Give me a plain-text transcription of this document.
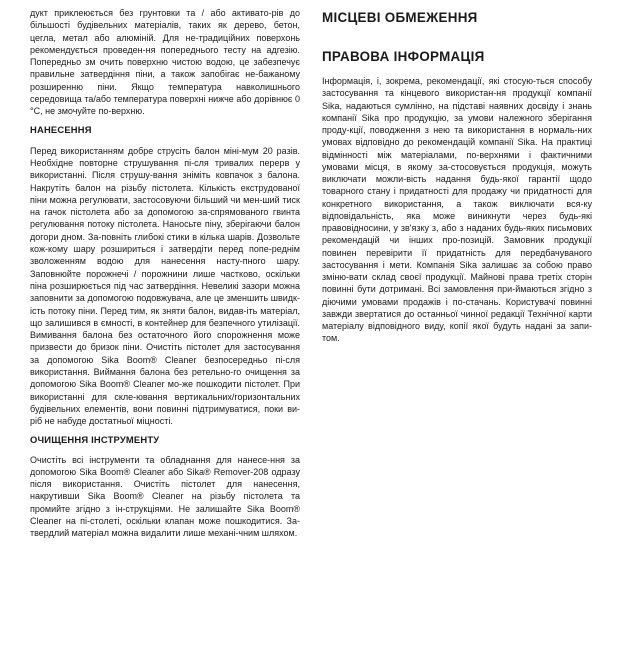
дукт приклеюється без грунтовки та / або активато-рів до більшості будівельних матеріалів, таких як дерево, бетон, цегла, метал або алюміній. Для не-традиційних поверхонь рекомендується проведен-ня попереднього тесту на адгезію. Попередньо зм очить поверхню чистою водою, це забезпечує правильне затвердіння піни, а також запобігає не-бажаному розширенню піни. Якщо температура навколишнього середовища та/або температура поверхні нижче або дорівнює 0 °C, не змочуйте по-верхню.

НАНЕСЕННЯ

Перед використанням добре струсіть балон міні-мум 20 разів. Необхідне повторне струшування пі-сля тривалих перерв у використанні. Після струшу-вання зніміть ковпачок з балона. Накрутіть балон на різьбу пістолета. Кількість екструдованої піни можна регулювати, застосовуючи більший чи мен-ший тиск на гачок пістолета або за допомогою за-спрямованого гвинта регулювання потоку пістолета. Наносьте піну, зберігаючи балон догори дном. За-повніть глибокі стики в кілька шарів. Дозвольте кож-кому шару розшириться і затвердіти перед попе-реднім зволоженням водою для нанесення насту-пного шару. Заповнюйте порожнечі / порожнини лише частково, оскільки піна розширюється під час затвердіння. Невеликі зазори можна заповнити за допомогою подовжувача, але це зменшить швидк-ість потоку піни. Перед тим, як зняти балон, видав-іть матеріал, що залишився в ємності, в контейнер для безпечного утилізації. Вимивання балона без остаточного його спорожнення може призвести до бризок піни. Очистіть пістолет для застосування за допомогою Sika Boom® Cleaner безпосередньо пі-сля використання. Виймання балона без ретельно-го очищення за допомогою Sika Boom® Cleaner мо-же пошкодити пістолет. При використанні для скле-ювання вертикальних/горизонтальних будівельних елементів, вони повинні підтримуватися, поки ви-ріб не набуде достатньої міцності.

ОЧИЩЕННЯ ІНСТРУМЕНТУ

Очистіть всі інструменти та обладнання для нанесе-ння за допомогою Sika Boom® Cleaner або Sika® Remover-208 одразу після використання. Очистіть пістолет для нанесення, накрутивши Sika Boom® Cleaner на різьбу пістолета та промийте згідно з ін-струкціями. Не залишайте Sika Boom® Cleaner на пі-столеті, оскільки клапан може пошкодитися. За-твердлий матеріал можна видалити лише механі-чним шляхом.

МІСЦЕВІ ОБМЕЖЕННЯ
ПРАВОВА ІНФОРМАЦІЯ

Інформація, і, зокрема, рекомендації, які стосую-ться способу застосування та кінцевого використан-ня продукції компанії Sika, надаються сумлінно, на підставі наявних досвіду і знань компанії Sika про продукцію, за умови належного зберігання проду-кції, поводження з нею та використання в нормаль-них умовах відповідно до рекомендацій компанії Sika. На практиці відмінності між матеріалами, по-верхнями і фактичними умовами місця, в якому за-стосовується продукція, можуть виключати можли-вість надання будь-якої гарантії щодо товарного стану і придатності для продажу чи придатності для конкретного використання, а також виключати вся-ку відповідальність, яка може виникнути через будь-які правовідносини, у зв'язку з, або з наданих будь-яких письмових рекомендацій чи інших про-позицій. Замовник продукції повинен перевірити її придатність для передбачуваного застосування і мети. Компанія Sika залишає за собою право зміню-вати склад своєї продукції. Майнові права третіх сторін повинні бути дотримані. Всі замовлення при-ймаються згідно з діючими умовами продажів і по-стачань. Користувачі повинні завжди звертатися до останньої чинної редакції Технічної карти матеріалу відповідного виду, копії якої будуть надані за запи-том.
